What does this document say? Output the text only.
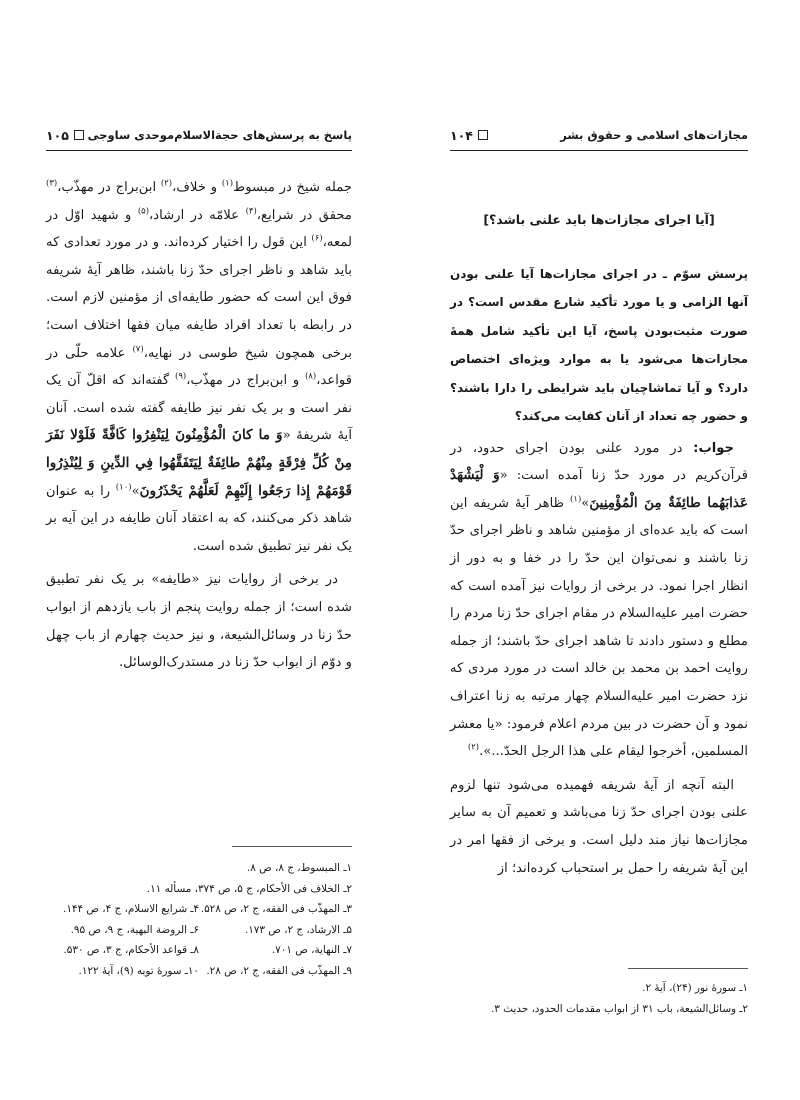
پاسخ به پرسش‌های حجة‌الاسلام‌موحدی ساوجی
۱۰۵

جمله شیخ در مبسوط$^{(۱)}$ و خلاف،$^{(۲)}$ ابن‌براج در مهذّب،$^{(۳)}$ محقق در شرایع،$^{(۴)}$ علامّه در ارشاد،$^{(۵)}$ و شهید اوّل در لمعه،$^{(۶)}$ این قول را اختیار کرده‌اند. و در مورد تعدادی که باید شاهد و ناظر اجرای حدّ زنا باشند، ظاهر آیۀ شریفه فوق این است که حضور طایفه‌ای از مؤمنین لازم است. در رابطه با تعداد افراد طایفه میان فقها اختلاف است؛ برخی همچون شیخ طوسی در نهایه،$^{(۷)}$ علامه حلّی در قواعد،$^{(۸)}$ و ابن‌براج در مهذّب،$^{(۹)}$ گفته‌اند که اقلّ آن یک نفر است و بر یک نفر نیز طایفه گفته شده است. آنان آیۀ شریفۀ «وَ ما كانَ الْمُؤْمِنُونَ لِيَنْفِرُوا كَافَّةً فَلَوْلا نَفَرَ مِنْ كُلِّ فِرْقَةٍ مِنْهُمْ طائِفَةٌ لِيَتَفَقَّهُوا فِي الدِّينِ وَ لِيُنْذِرُوا قَوْمَهُمْ إِذا رَجَعُوا إِلَيْهِمْ لَعَلَّهُمْ يَحْذَرُونَ»$^{(۱۰)}$ را به عنوان شاهد ذکر می‌کنند، که به اعتقاد آنان طایفه در این آیه بر یک نفر نیز تطبیق شده است.

در برخی از روایات نیز «طایفه» بر یک نفر تطبیق شده است؛ از جمله روایت پنجم از باب یازدهم از ابواب حدّ زنا در وسائل‌الشیعة، و نیز حدیث چهارم از باب چهل و دوّم از ابواب حدّ زنا در مستدرک‌الوسائل.

۱ـ المبسوط، ج ۸، ص ۸.
۲ـ الخلاف فی الأحکام، ج ۵، ص ۳۷۴، مسأله ۱۱.
۳ـ المهذّب فی الفقه، ج ۲، ص ۵۲۸.
۴ـ شرایع الاسلام، ج ۴، ص ۱۴۴.
۵ـ الارشاد، ج ۲، ص ۱۷۳.
۶ـ الروضة البهیة، ج ۹، ص ۹۵.
۷ـ النهایة، ص ۷۰۱.
۸ـ قواعد الأحکام، ج ۳، ص ۵۳۰.
۹ـ المهذّب فی الفقه، ج ۲، ص ۲۸.
۱۰ـ سورۀ توبه (۹)، آیۀ ۱۲۲.
مجازات‌های اسلامی و حقوق بشر
۱۰۴
[آیا اجرای مجازات‌ها باید علنی باشد؟]

پرسش سوّم ـ در اجرای مجازات‌ها آیا علنی بودن آنها الزامی و یا مورد تأکید شارع مقدس است؟ در صورت مثبت‌بودن پاسخ، آیا این تأکید شامل همۀ مجازات‌ها می‌شود یا به موارد ویژه‌ای اختصاص دارد؟ و آیا تماشاچیان باید شرایطی را دارا باشند؟ و حضور چه تعداد از آنان کفایت می‌کند؟

جواب: در مورد علنی بودن اجرای حدود، در قرآن‌کریم در مورد حدّ زنا آمده است: «وَ لْيَشْهَدْ عَذابَهُما طائِفَةٌ مِنَ الْمُؤْمِنِينَ»$^{(۱)}$ ظاهر آیۀ شریفه این است که باید عده‌ای از مؤمنین شاهد و ناظر اجرای حدّ زنا باشند و نمی‌توان این حدّ را در خفا و به دور از انظار اجرا نمود. در برخی از روایات نیز آمده است که حضرت امیر علیه‌السلام در مقام اجرای حدّ زنا مردم را مطلع و دستور دادند تا شاهد اجرای حدّ باشند؛ از جمله روایت احمد بن محمد بن خالد است در مورد مردی که نزد حضرت امیر علیه‌السلام چهار مرتبه به زنا اعتراف نمود و آن حضرت در بین مردم اعلام فرمود: «یا معشر المسلمین، أخرجوا لیقام علی هذا الرجل الحدّ...».$^{(۲)}$

البته آنچه از آیۀ شریفه فهمیده می‌شود تنها لزوم علنی بودن اجرای حدّ زنا می‌باشد و تعمیم آن به سایر مجازات‌ها نیاز مند دلیل است. و برخی از فقها امر در این آیۀ شریفه را حمل بر استحباب کرده‌اند؛ از

۱ـ سورۀ نور (۲۴)، آیۀ ۲.
۲ـ وسائل‌الشیعة، باب ۳۱ از ابواب مقدمات الحدود، حدیث ۳.
